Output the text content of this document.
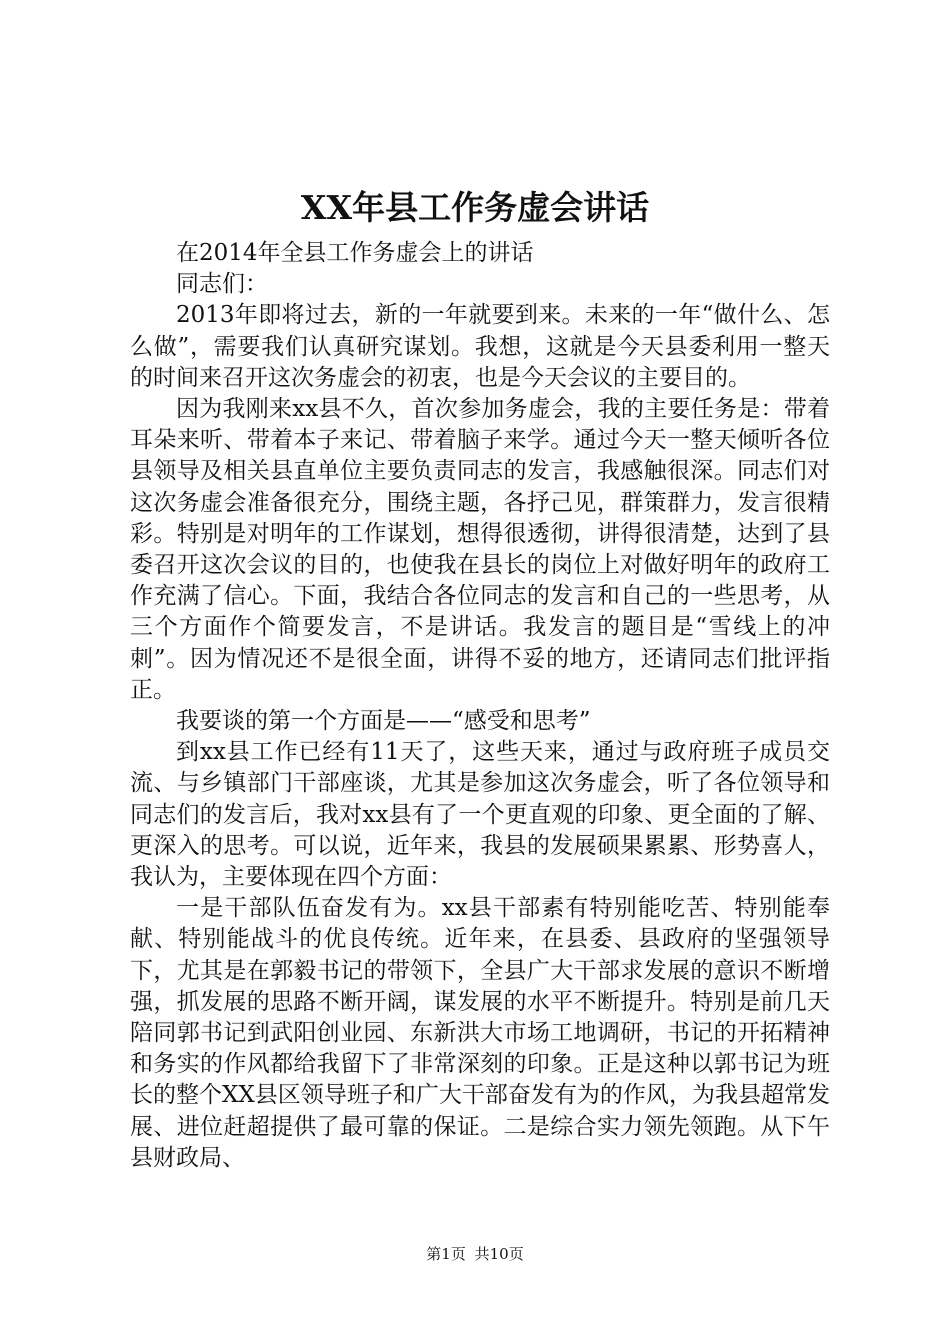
XX年县工作务虚会讲话

在2014年全县工作务虚会上的讲话

同志们：

2013年即将过去，新的一年就要到来。未来的一年“做什么、怎么做”，需要我们认真研究谋划。我想，这就是今天县委利用一整天的时间来召开这次务虚会的初衷，也是今天会议的主要目的。

因为我刚来xx县不久，首次参加务虚会，我的主要任务是：带着耳朵来听、带着本子来记、带着脑子来学。通过今天一整天倾听各位县领导及相关县直单位主要负责同志的发言，我感触很深。同志们对这次务虚会准备很充分，围绕主题，各抒己见，群策群力，发言很精彩。特别是对明年的工作谋划，想得很透彻，讲得很清楚，达到了县委召开这次会议的目的，也使我在县长的岗位上对做好明年的政府工作充满了信心。下面，我结合各位同志的发言和自己的一些思考，从三个方面作个简要发言，不是讲话。我发言的题目是“雪线上的冲刺”。因为情况还不是很全面，讲得不妥的地方，还请同志们批评指正。

我要谈的第一个方面是——“感受和思考”

到xx县工作已经有11天了，这些天来，通过与政府班子成员交流、与乡镇部门干部座谈，尤其是参加这次务虚会，听了各位领导和同志们的发言后，我对xx县有了一个更直观的印象、更全面的了解、更深入的思考。可以说，近年来，我县的发展硕果累累、形势喜人，我认为，主要体现在四个方面：

一是干部队伍奋发有为。xx县干部素有特别能吃苦、特别能奉献、特别能战斗的优良传统。近年来，在县委、县政府的坚强领导下，尤其是在郭毅书记的带领下，全县广大干部求发展的意识不断增强，抓发展的思路不断开阔，谋发展的水平不断提升。特别是前几天陪同郭书记到武阳创业园、东新洪大市场工地调研，书记的开拓精神和务实的作风都给我留下了非常深刻的印象。正是这种以郭书记为班长的整个XX县区领导班子和广大干部奋发有为的作风，为我县超常发展、进位赶超提供了最可靠的保证。二是综合实力领先领跑。从下午县财政局、

第1页 共10页
